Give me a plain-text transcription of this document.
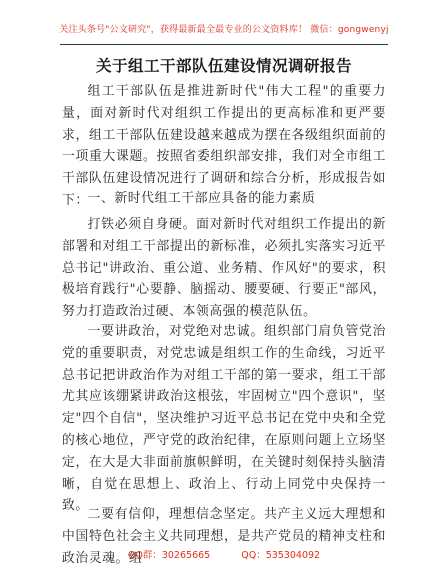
关注头条号"公文研究"，获得最新最全最专业的公文资料库！ 微信：gongwenyj
关于组工干部队伍建设情况调研报告

组工干部队伍是推进新时代"伟大工程"的重要力量，面对新时代对组织工作提出的更高标准和更严要求，组工干部队伍建设越来越成为摆在各级组织面前的一项重大课题。按照省委组织部安排，我们对全市组工干部队伍建设情况进行了调研和综合分析，形成报告如下：

一、新时代组工干部应具备的能力素质

打铁必须自身硬。面对新时代对组织工作提出的新部署和对组工干部提出的新标准，必须扎实落实习近平总书记"讲政治、重公道、业务精、作风好"的要求，积极培育践行"心要静、脑摇动、腰要硬、行要正"部风，努力打造政治过硬、本领高强的模范队伍。

一要讲政治，对党绝对忠诚。组织部门肩负管党治党的重要职责，对党忠诚是组织工作的生命线，习近平总书记把讲政治作为对组工干部的第一要求，组工干部尤其应该绷紧讲政治这根弦，牢固树立"四个意识"，坚定"四个自信"，坚决维护习近平总书记在党中央和全党的核心地位，严守党的政治纪律，在原则问题上立场坚定，在大是大非面前旗帜鲜明，在关键时刻保持头脑清晰，自觉在思想上、政治上、行动上同党中央保持一致。

二要有信仰，理想信念坚定。共产主义远大理想和中国特色社会主义共同理想，是共产党员的精神支柱和政治灵魂。组

QQ群：30265665	QQ：535304092
